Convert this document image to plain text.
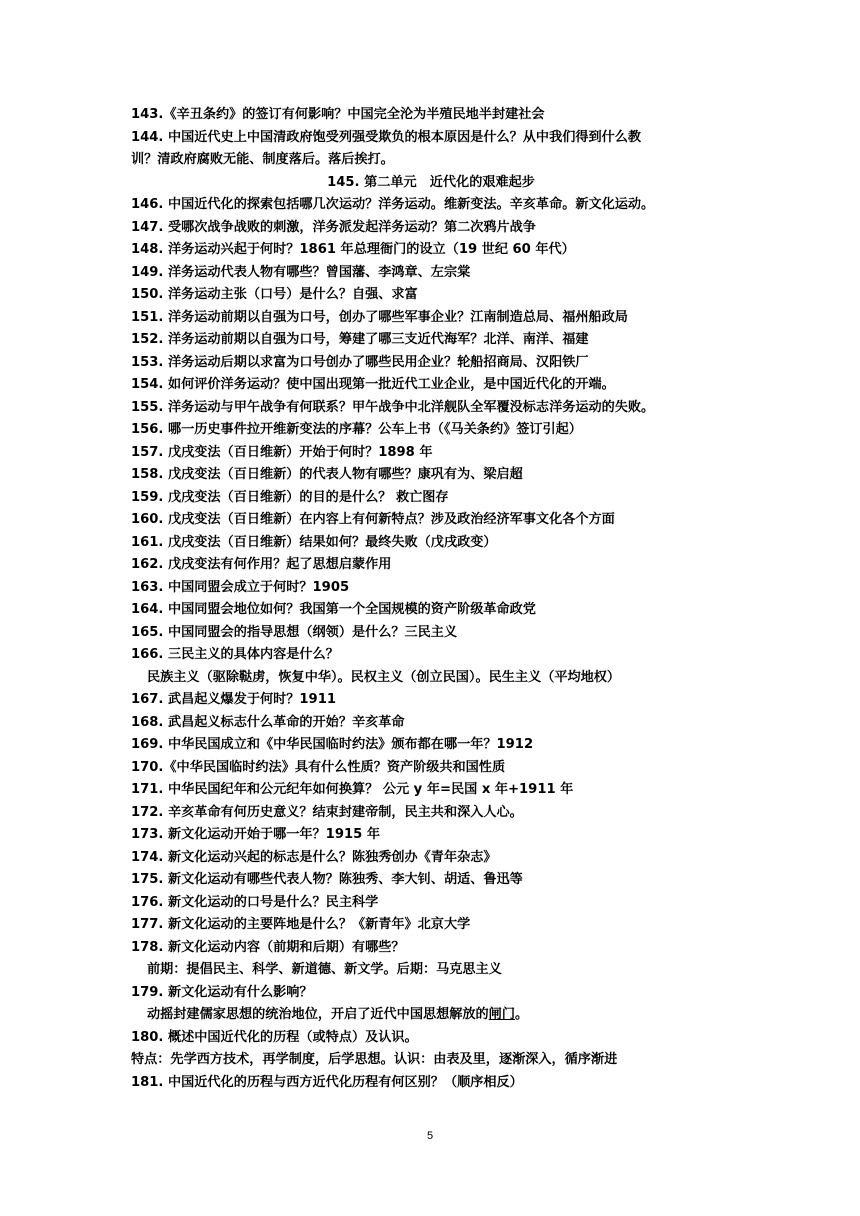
143.《辛丑条约》的签订有何影响？中国完全沦为半殖民地半封建社会
144. 中国近代史上中国清政府饱受列强受欺负的根本原因是什么？从中我们得到什么教
训？清政府腐败无能、制度落后。落后挨打。
145. 第二单元　近代化的艰难起步
146. 中国近代化的探索包括哪几次运动？洋务运动。维新变法。辛亥革命。新文化运动。
147. 受哪次战争战败的刺激，洋务派发起洋务运动？第二次鸦片战争
148. 洋务运动兴起于何时？1861 年总理衙门的设立（19 世纪 60 年代）
149. 洋务运动代表人物有哪些？曾国藩、李鸿章、左宗棠
150. 洋务运动主张（口号）是什么？自强、求富
151. 洋务运动前期以自强为口号，创办了哪些军事企业？江南制造总局、福州船政局
152. 洋务运动前期以自强为口号，筹建了哪三支近代海军？北洋、南洋、福建
153. 洋务运动后期以求富为口号创办了哪些民用企业？轮船招商局、汉阳铁厂
154. 如何评价洋务运动？使中国出现第一批近代工业企业，是中国近代化的开端。
155. 洋务运动与甲午战争有何联系？甲午战争中北洋舰队全军覆没标志洋务运动的失败。
156. 哪一历史事件拉开维新变法的序幕？公车上书（《马关条约》签订引起）
157. 戊戌变法（百日维新）开始于何时？1898 年
158. 戊戌变法（百日维新）的代表人物有哪些？康巩有为、梁启超
159. 戊戌变法（百日维新）的目的是什么？ 救亡图存
160. 戊戌变法（百日维新）在内容上有何新特点？涉及政治经济军事文化各个方面
161. 戊戌变法（百日维新）结果如何？最终失败（戊戌政变）
162. 戊戌变法有何作用？起了思想启蒙作用
163. 中国同盟会成立于何时？1905
164. 中国同盟会地位如何？我国第一个全国规模的资产阶级革命政党
165. 中国同盟会的指导思想（纲领）是什么？三民主义
166. 三民主义的具体内容是什么？
民族主义（驱除鞑虏，恢复中华）。民权主义（创立民国）。民生主义（平均地权）
167. 武昌起义爆发于何时？1911
168. 武昌起义标志什么革命的开始？辛亥革命
169. 中华民国成立和《中华民国临时约法》颁布都在哪一年？1912
170.《中华民国临时约法》具有什么性质？资产阶级共和国性质
171. 中华民国纪年和公元纪年如何换算？ 公元 y 年=民国 x 年+1911 年
172. 辛亥革命有何历史意义？结束封建帝制，民主共和深入人心。
173. 新文化运动开始于哪一年？1915 年
174. 新文化运动兴起的标志是什么？陈独秀创办《青年杂志》
175. 新文化运动有哪些代表人物？陈独秀、李大钊、胡适、鲁迅等
176. 新文化运动的口号是什么？民主科学
177. 新文化运动的主要阵地是什么？《新青年》北京大学
178. 新文化运动内容（前期和后期）有哪些？
前期：提倡民主、科学、新道德、新文学。后期：马克思主义
179. 新文化运动有什么影响？
动摇封建儒家思想的统治地位，开启了近代中国思想解放的闸门。
180. 概述中国近代化的历程（或特点）及认识。
特点：先学西方技术，再学制度，后学思想。认识：由表及里，逐渐深入，循序渐进
181. 中国近代化的历程与西方近代化历程有何区别？（顺序相反）
5
